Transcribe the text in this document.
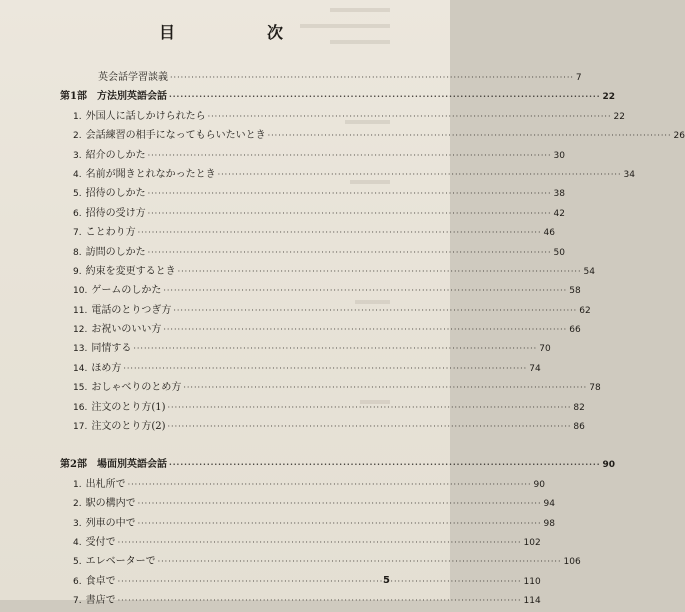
目　次
英会話学習談義 ·····	7
第1部 方法別英語会話 ·····	22
1. 外国人に話しかけられたら ·····	22
2. 会話練習の相手になってもらいたいとき ·····	26
3. 紹介のしかた ·····	30
4. 名前が聞きとれなかったとき ·····	34
5. 招待のしかた ·····	38
6. 招待の受け方 ·····	42
7. ことわり方 ·····	46
8. 訪問のしかた ·····	50
9. 約束を変更するとき ·····	54
10. ゲームのしかた ·····	58
11. 電話のとりつぎ方 ·····	62
12. お祝いのいい方 ·····	66
13. 同情する ·····	70
14. ほめ方 ·····	74
15. おしゃべりのとめ方 ·····	78
16. 注文のとり方(1) ·····	82
17. 注文のとり方(2) ·····	86
第2部 場面別英語会話 ·····	90
1. 出札所で ·····	90
2. 駅の構内で ·····	94
3. 列車の中で ·····	98
4. 受付で ·····	102
5. エレベーターで ·····	106
6. 食卓で ·····	110
7. 書店で ·····	114
5
